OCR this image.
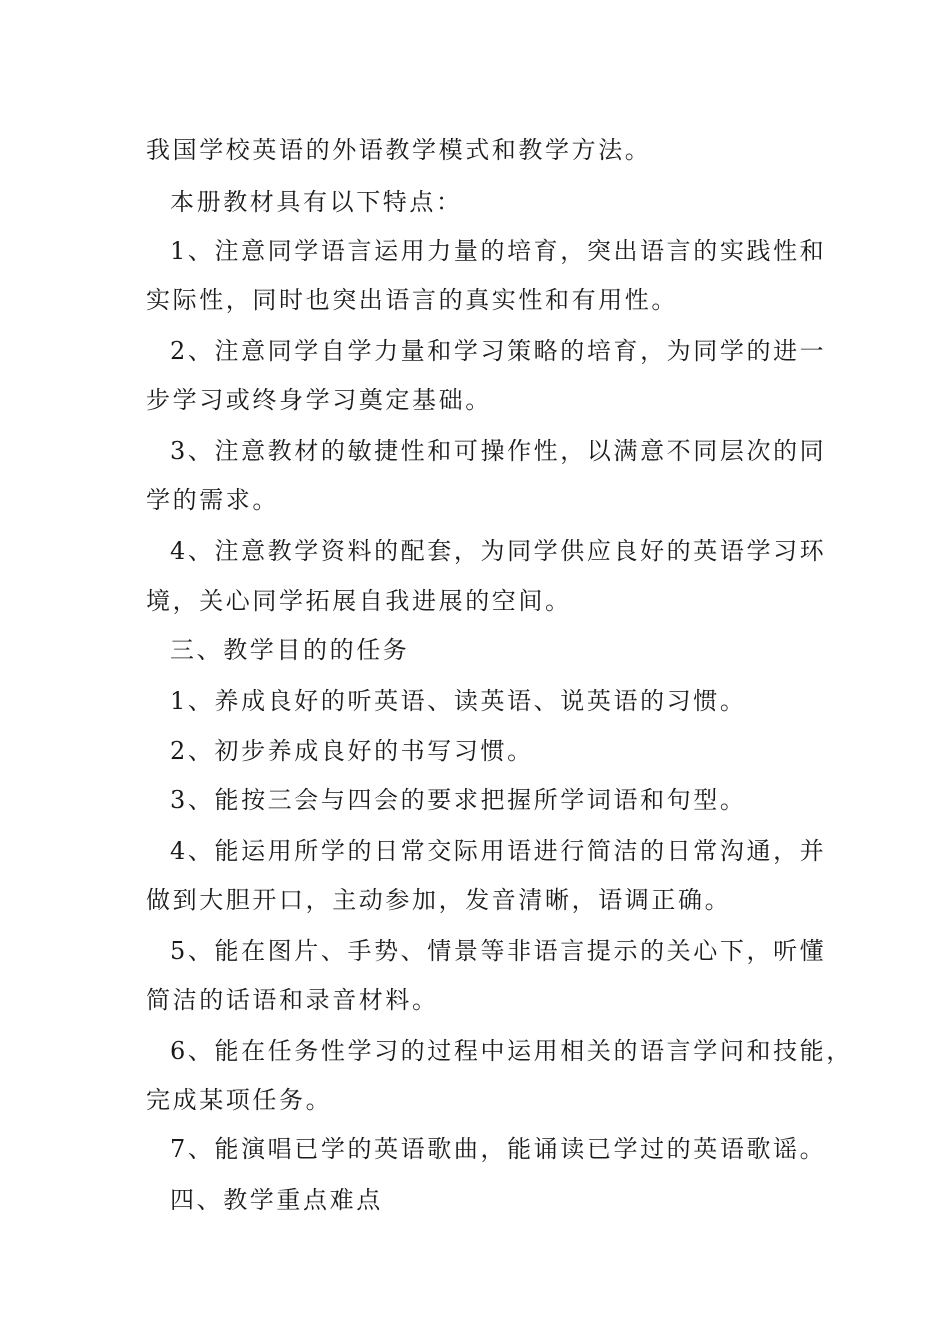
我国学校英语的外语教学模式和教学方法。
本册教材具有以下特点：
1、注意同学语言运用力量的培育，突出语言的实践性和
实际性，同时也突出语言的真实性和有用性。
2、注意同学自学力量和学习策略的培育，为同学的进一
步学习或终身学习奠定基础。
3、注意教材的敏捷性和可操作性，以满意不同层次的同
学的需求。
4、注意教学资料的配套，为同学供应良好的英语学习环
境，关心同学拓展自我进展的空间。
三、教学目的的任务
1、养成良好的听英语、读英语、说英语的习惯。
2、初步养成良好的书写习惯。
3、能按三会与四会的要求把握所学词语和句型。
4、能运用所学的日常交际用语进行简洁的日常沟通，并
做到大胆开口，主动参加，发音清晰，语调正确。
5、能在图片、手势、情景等非语言提示的关心下，听懂
简洁的话语和录音材料。
6、能在任务性学习的过程中运用相关的语言学问和技能，
完成某项任务。
7、能演唱已学的英语歌曲，能诵读已学过的英语歌谣。
四、教学重点难点
